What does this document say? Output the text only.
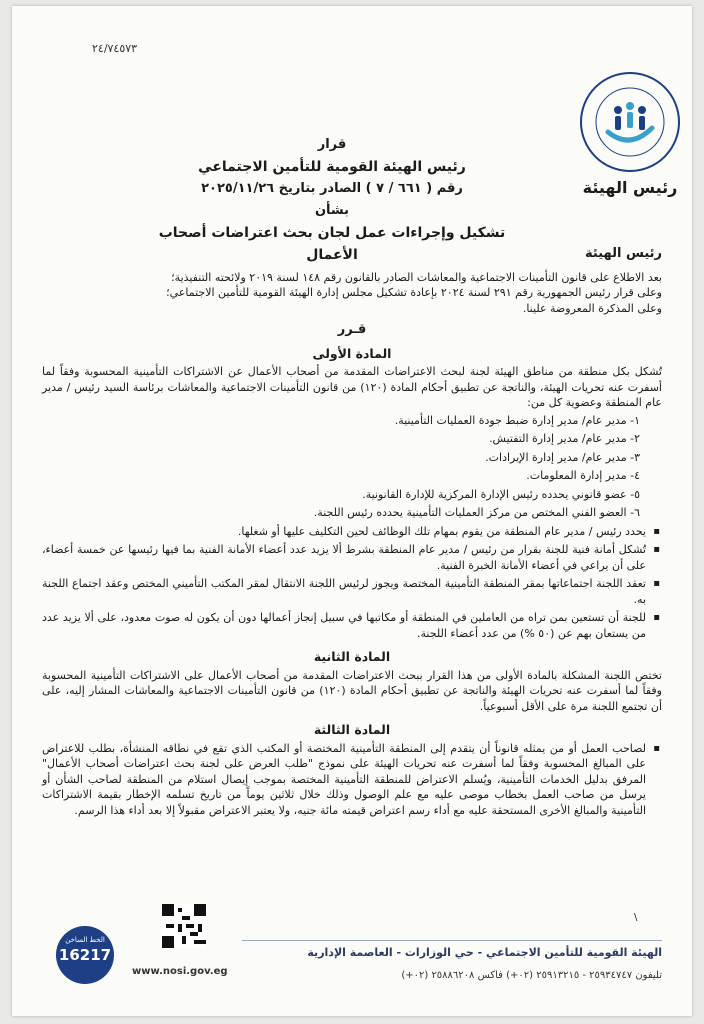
٢٤/٧٤٥٧٣
رئيس الهيئة
قرار
رئيس الهيئة القومية للتأمين الاجتماعي
رقم ( ٦٦١ / ٧ ) الصادر بتاريخ ٢٠٢٥/١١/٢٦
بشأن
تشكيل وإجراءات عمل لجان بحث اعتراضات أصحاب الأعمال	رئيس الهيئة

بعد الاطلاع على قانون التأمينات الاجتماعية والمعاشات الصادر بالقانون رقم ١٤٨ لسنة ٢٠١٩ ولائحته التنفيذية؛

وعلى قرار رئيس الجمهورية رقم ٢٩١ لسنة ٢٠٢٤ بإعادة تشكيل مجلس إدارة الهيئة القومية للتأمين الاجتماعي؛

وعلى المذكرة المعروضة علينا.

قـرر
المادة الأولى

تُشكل بكل منطقة من مناطق الهيئة لجنة لبحث الاعتراضات المقدمة من أصحاب الأعمال عن الاشتراكات التأمينية المحسوبة وفقاً لما أسفرت عنه تحريات الهيئة، والناتجة عن تطبيق أحكام المادة (١٢٠) من قانون التأمينات الاجتماعية والمعاشات برئاسة السيد رئيس / مدير عام المنطقة وعضوية كل من:

١- مدير عام/ مدير إدارة ضبط جودة العمليات التأمينية.
٢- مدير عام/ مدير إدارة التفتيش.
٣- مدير عام/ مدير إدارة الإيرادات.
٤- مدير إدارة المعلومات.
٥- عضو قانوني يحدده رئيس الإدارة المركزية للإدارة القانونية.
٦- العضو الفني المختص من مركز العمليات التأمينية يحدده رئيس اللجنة.
▪ يحدد رئيس / مدير عام المنطقة من يقوم بمهام تلك الوظائف لحين التكليف عليها أو شغلها.
▪ تُشكل أمانة فنية للجنة بقرار من رئيس / مدير عام المنطقة بشرط ألا يزيد عدد أعضاء الأمانة الفنية بما فيها رئيسها عن خمسة أعضاء، على أن يراعي في أعضاء الأمانة الخبرة الفنية.
▪ تعقد اللجنة اجتماعاتها بمقر المنطقة التأمينية المختصة ويجوز لرئيس اللجنة الانتقال لمقر المكتب التأميني المختص وعقد اجتماع اللجنة به.
▪ للجنة أن تستعين بمن تراه من العاملين في المنطقة أو مكاتبها في سبيل إنجاز أعمالها دون أن يكون له صوت معدود، على ألا يزيد عدد من يستعان بهم عن (٥٠ %) من عدد أعضاء اللجنة.
المادة الثانية

تختص اللجنة المشكلة بالمادة الأولى من هذا القرار ببحث الاعتراضات المقدمة من أصحاب الأعمال على الاشتراكات التأمينية المحسوبة وفقاً لما أسفرت عنه تحريات الهيئة والناتجة عن تطبيق أحكام المادة (١٢٠) من قانون التأمينات الاجتماعية والمعاشات المشار إليه، على أن تجتمع اللجنة مرة على الأقل أسبوعياً.

المادة الثالثة
▪ لصاحب العمل أو من يمثله قانوناً أن يتقدم إلى المنطقة التأمينية المختصة أو المكتب الذي تقع في نطاقه المنشأة، بطلب للاعتراض على المبالغ المحسوبة وفقاً لما أسفرت عنه تحريات الهيئة على نموذج "طلب العرض على لجنة بحث اعتراضات أصحاب الأعمال" المرفق بدليل الخدمات التأمينية، ويُسلم الاعتراض للمنطقة التأمينية المختصة بموجب إيصال استلام من المنطقة لصاحب الشأن أو يرسل من صاحب العمل بخطاب موصى عليه مع علم الوصول وذلك خلال ثلاثين يوماً من تاريخ تسلمه الإخطار بقيمة الاشتراكات التأمينية والمبالغ الأخرى المستحقة عليه مع أداء رسم اعتراض قيمته مائة جنيه، ولا يعتبر الاعتراض مقبولاً إلا بعد أداء هذا الرسم.
\
الهيئة القومية للتأمين الاجتماعي - حي الوزارات - العاصمة الإدارية
تليفون ٢٥٩٣٤٧٤٧ - ٢٥٩١٣٢١٥ (٠٢+) فاكس ٢٥٨٨٦٢٠٨ (٠٢+)
www.nosi.gov.eg
الخط الساخن
16217
